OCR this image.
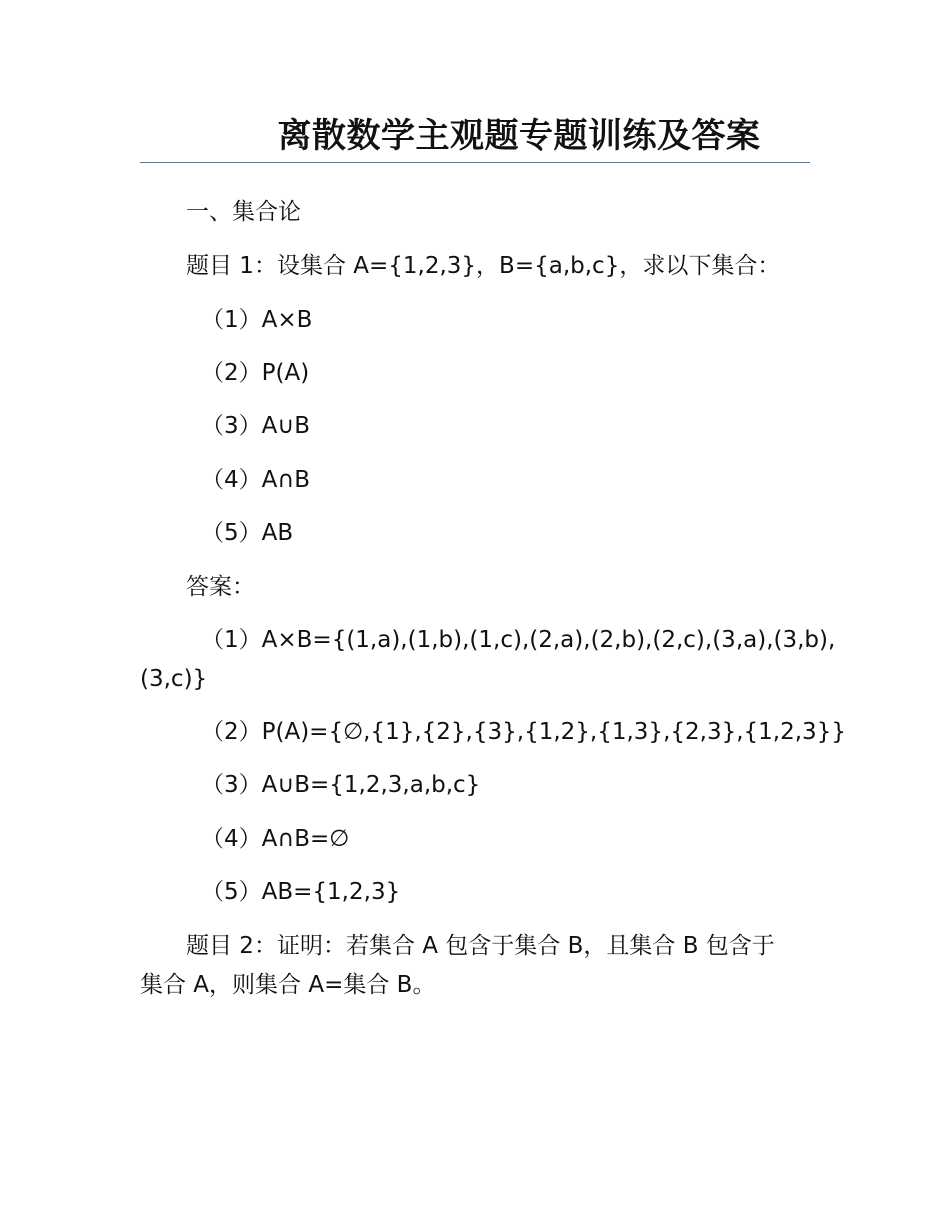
离散数学主观题专题训练及答案
一、集合论
题目 1：设集合 A={1,2,3}，B={a,b,c}，求以下集合：
（1）A×B
（2）P(A)
（3）A∪B
（4）A∩B
（5）AB
答案：
（1）A×B={(1,a),(1,b),(1,c),(2,a),(2,b),(2,c),(3,a),(3,b),
(3,c)}
（2）P(A)={∅,{1},{2},{3},{1,2},{1,3},{2,3},{1,2,3}}
（3）A∪B={1,2,3,a,b,c}
（4）A∩B=∅
（5）AB={1,2,3}
题目 2：证明：若集合 A 包含于集合 B，且集合 B 包含于
集合 A，则集合 A=集合 B。
